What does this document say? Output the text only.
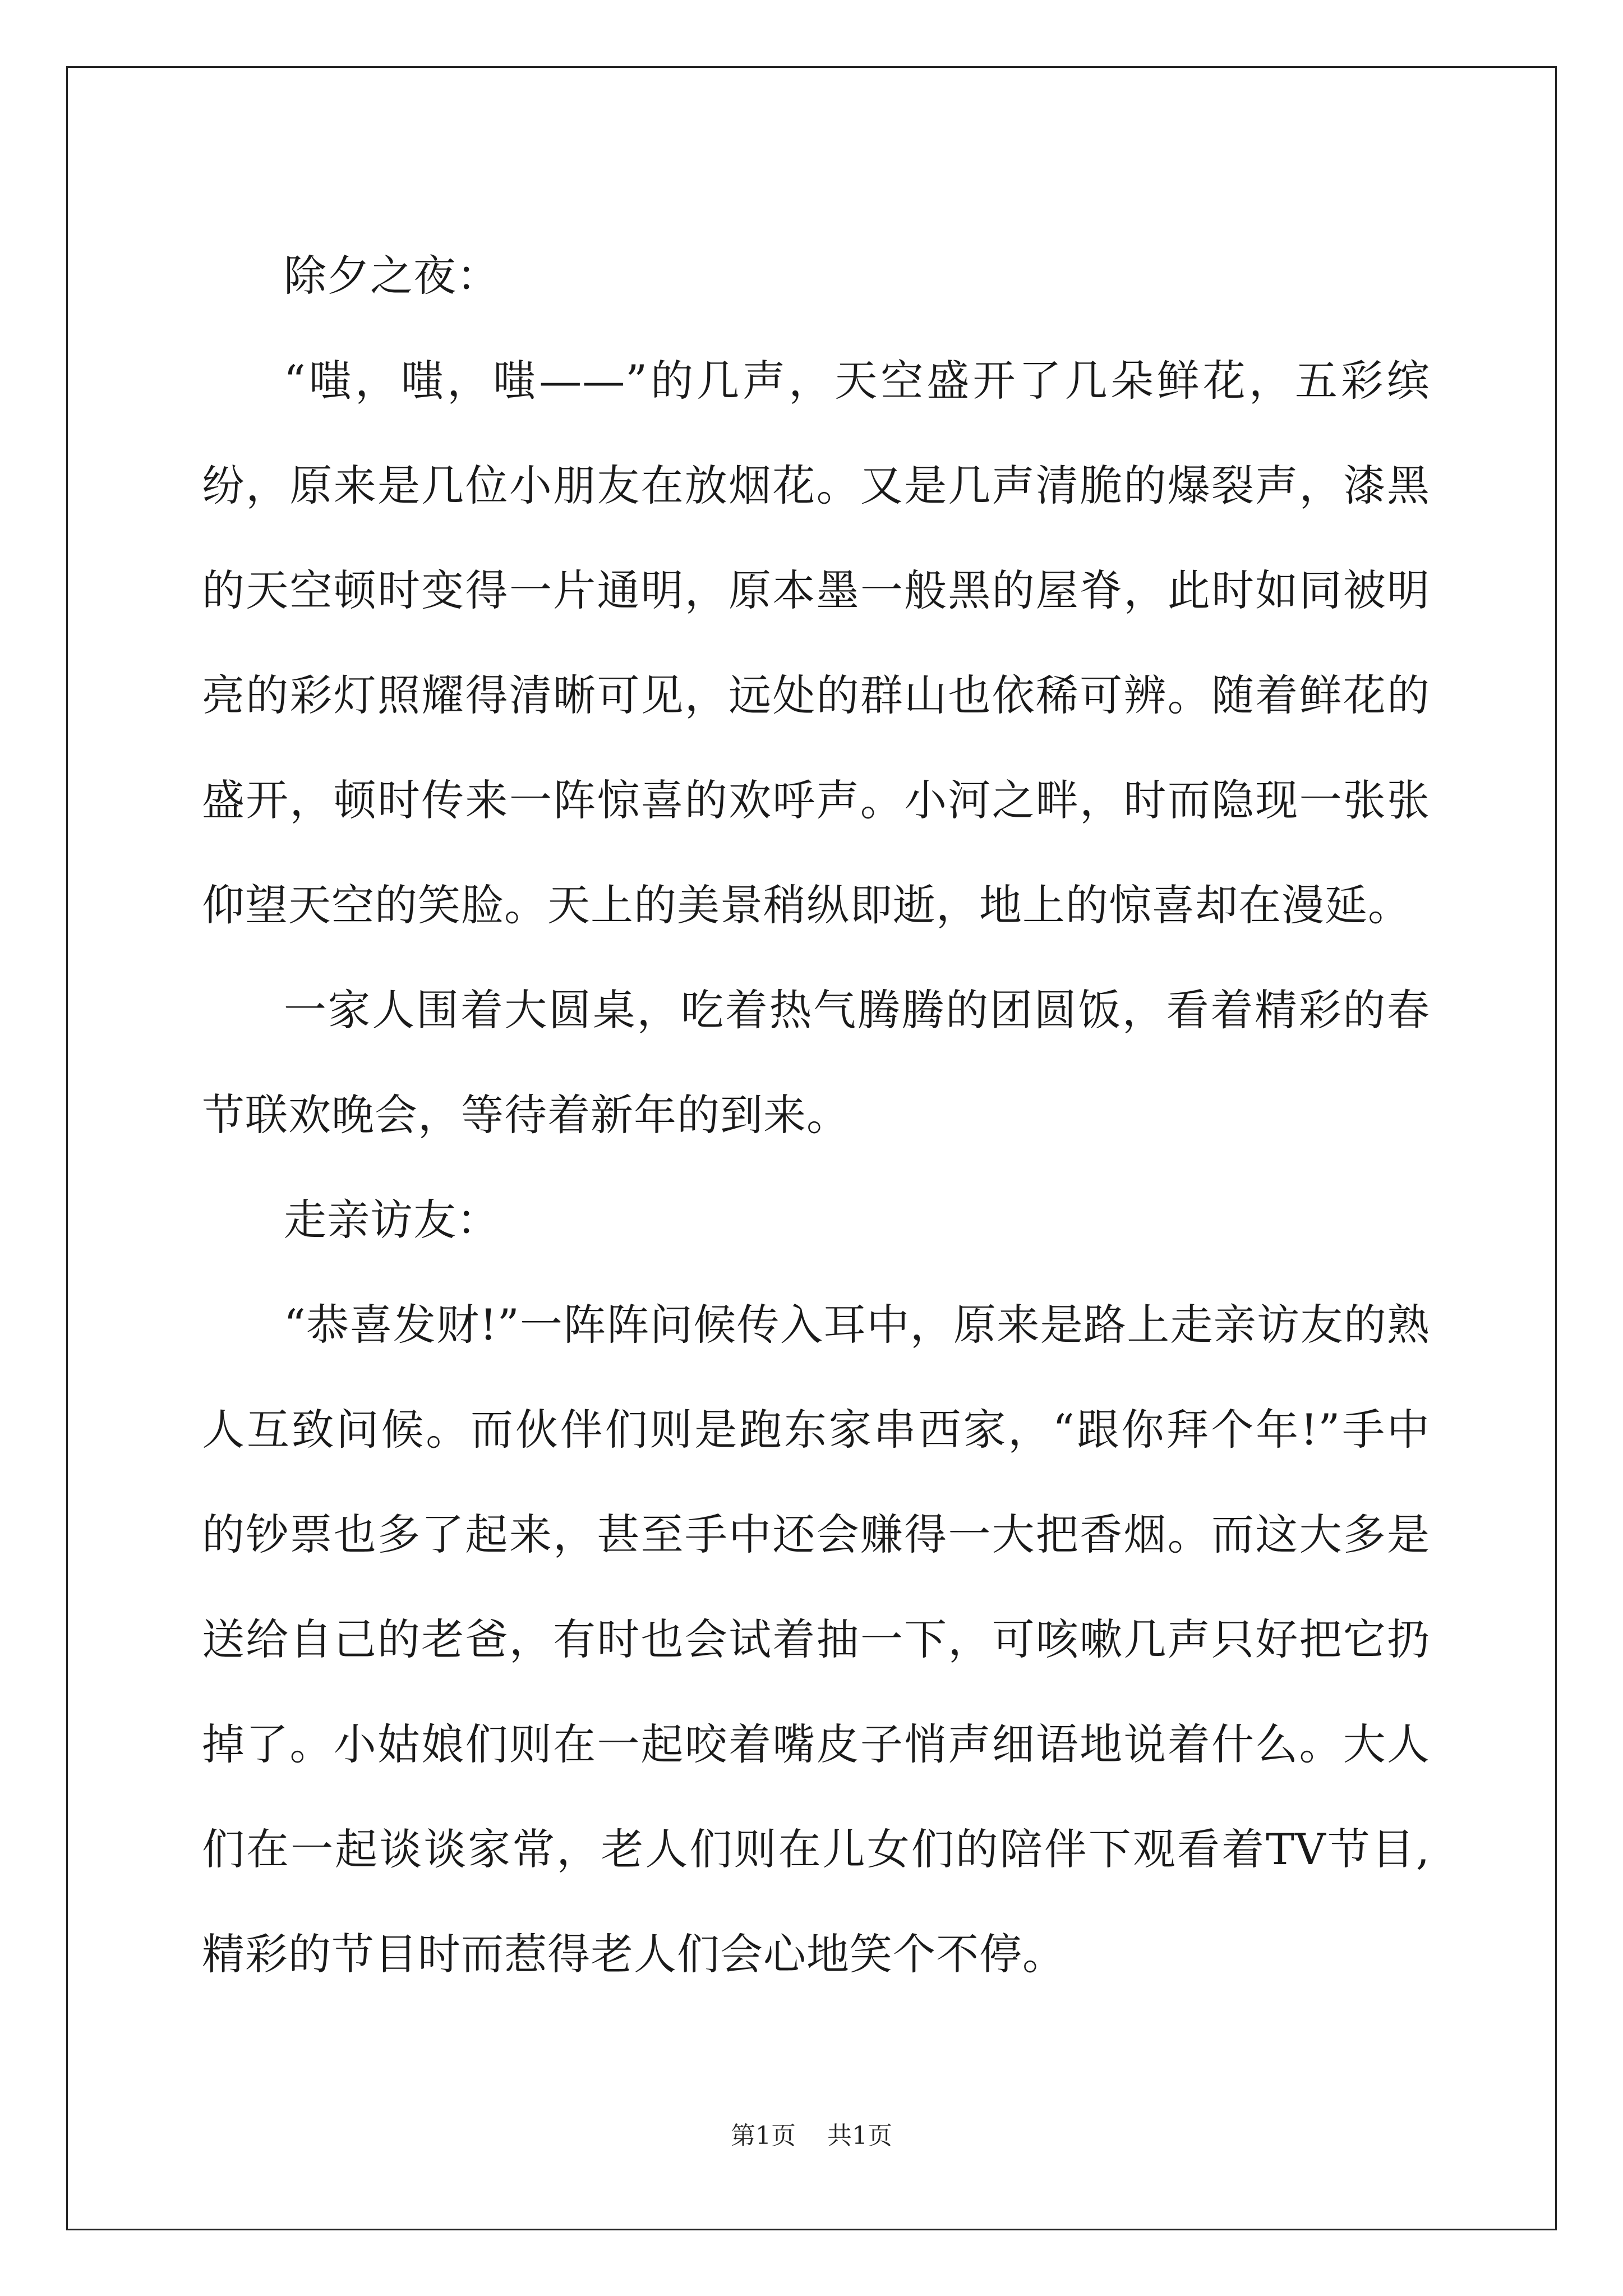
除夕之夜：

“嗤，嗤，嗤——”的几声，天空盛开了几朵鲜花，五彩缤纷，原来是几位小朋友在放烟花。又是几声清脆的爆裂声，漆黑的天空顿时变得一片通明，原本墨一般黑的屋脊，此时如同被明亮的彩灯照耀得清晰可见，远处的群山也依稀可辨。随着鲜花的盛开，顿时传来一阵惊喜的欢呼声。小河之畔，时而隐现一张张仰望天空的笑脸。天上的美景稍纵即逝，地上的惊喜却在漫延。

一家人围着大圆桌，吃着热气腾腾的团圆饭，看着精彩的春节联欢晚会，等待着新年的到来。

走亲访友：

“恭喜发财!”一阵阵问候传入耳中，原来是路上走亲访友的熟人互致问候。而伙伴们则是跑东家串西家，“跟你拜个年!”手中的钞票也多了起来，甚至手中还会赚得一大把香烟。而这大多是送给自己的老爸，有时也会试着抽一下，可咳嗽几声只好把它扔掉了。小姑娘们则在一起咬着嘴皮子悄声细语地说着什么。大人们在一起谈谈家常，老人们则在儿女们的陪伴下观看着TV节目,精彩的节目时而惹得老人们会心地笑个不停。

第1页 共1页
